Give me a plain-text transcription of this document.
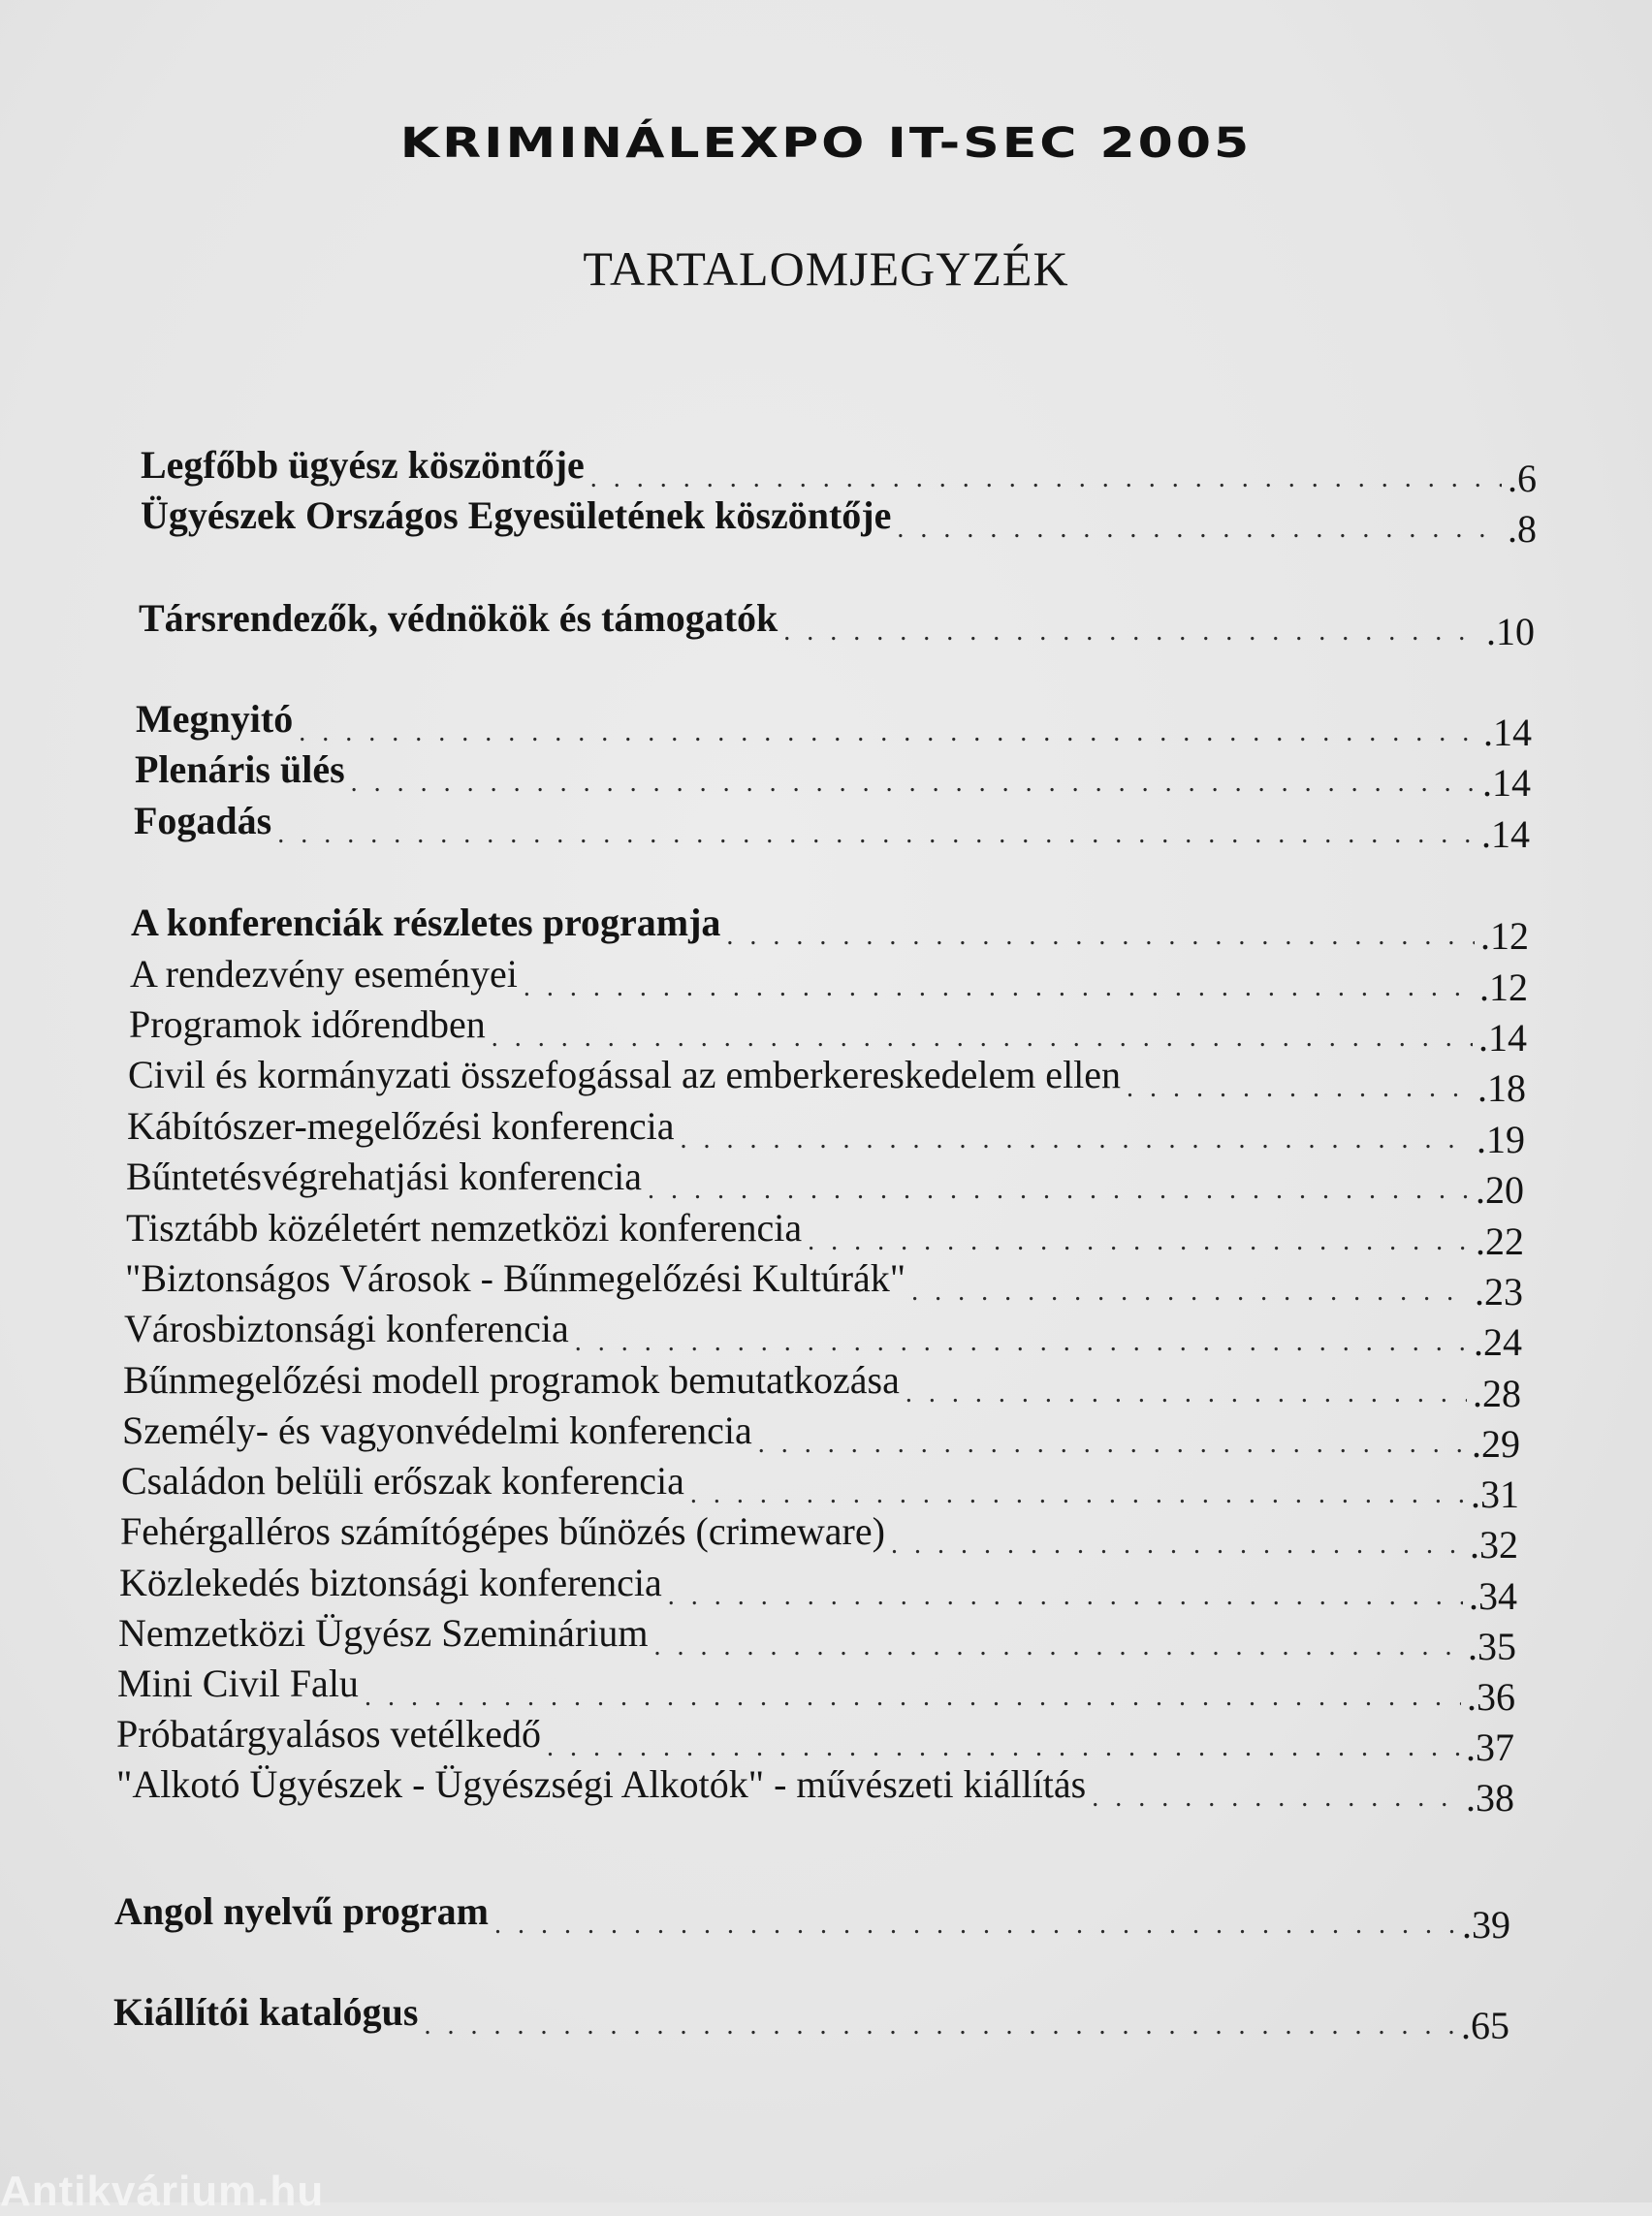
KRIMINÁLEXPO IT-SEC 2005
TARTALOMJEGYZÉK
Legfőbb ügyész köszöntője . . .	.6
Ügyészek Országos Egyesületének köszöntője . . .	.8
Társrendezők, védnökök és támogatók . . .	.10
Megnyitó . . .	.14
Plenáris ülés . . .	.14
Fogadás . . .	.14
A konferenciák részletes programja . . .	.12
A rendezvény eseményei . . .	.12
Programok időrendben . . .	.14
Civil és kormányzati összefogással az emberkereskedelem ellen . . .	.18
Kábítószer-megelőzési konferencia . . .	.19
Bűntetésvégrehatjási konferencia . . .	.20
Tisztább közéletért nemzetközi konferencia . . .	.22
"Biztonságos Városok - Bűnmegelőzési Kultúrák" . . .	.23
Városbiztonsági konferencia . . .	.24
Bűnmegelőzési modell programok bemutatkozása . . .	.28
Személy- és vagyonvédelmi konferencia . . .	.29
Családon belüli erőszak konferencia . . .	.31
Fehérgalléros számítógépes bűnözés (crimeware) . . .	.32
Közlekedés biztonsági konferencia . . .	.34
Nemzetközi Ügyész Szeminárium . . .	.35
Mini Civil Falu . . .	.36
Próbatárgyalásos vetélkedő . . .	.37
"Alkotó Ügyészek - Ügyészségi Alkotók" - művészeti kiállítás . . .	.38
Angol nyelvű program . . .	.39
Kiállítói katalógus . . .	.65
Antikvárium.hu
